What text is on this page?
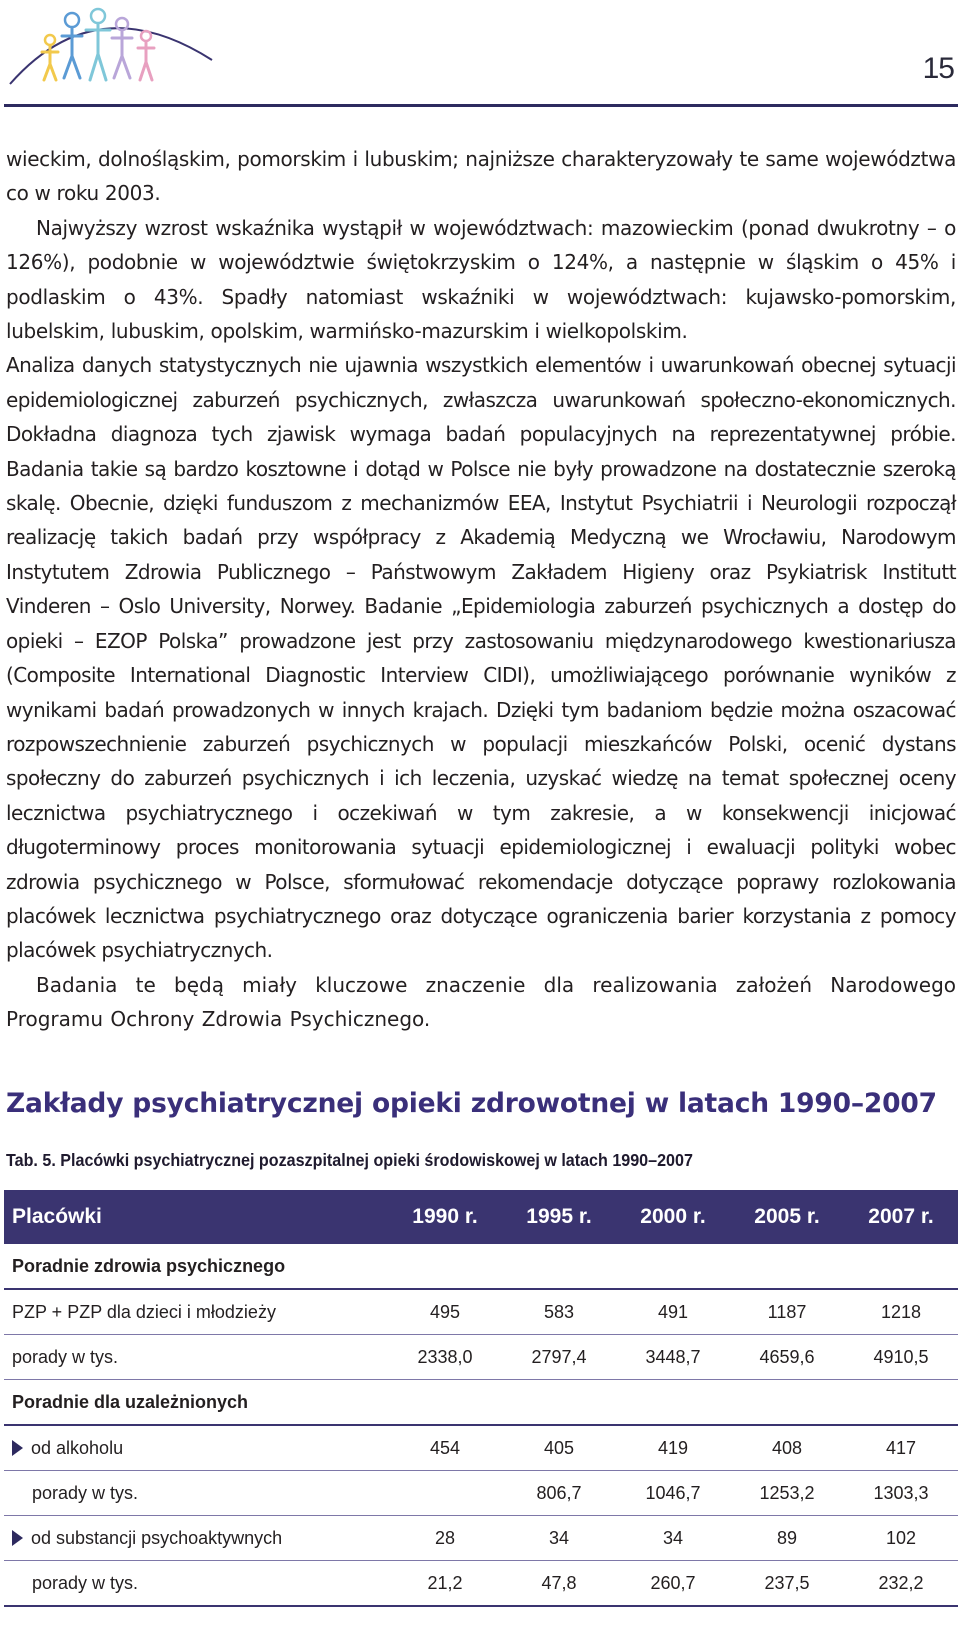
15

wieckim, dolnośląskim, pomorskim i lubuskim; najniższe charakteryzowały te same województwa co w roku 2003.

Najwyższy wzrost wskaźnika wystąpił w województwach: mazowieckim (ponad dwukrotny – o 126%), podobnie w województwie świętokrzyskim o 124%, a następnie w śląskim o 45% i podlaskim o 43%. Spadły natomiast wskaźniki w województwach: kujawsko-pomorskim, lubelskim, lubuskim, opolskim, warmińsko-mazurskim i wielkopolskim.

Analiza danych statystycznych nie ujawnia wszystkich elementów i uwarunkowań obecnej sytuacji epidemiologicznej zaburzeń psychicznych, zwłaszcza uwarunkowań społeczno-ekonomicznych. Dokładna diagnoza tych zjawisk wymaga badań populacyjnych na reprezentatywnej próbie. Badania takie są bardzo kosztowne i dotąd w Polsce nie były prowadzone na dostatecznie szeroką skalę. Obecnie, dzięki funduszom z mechanizmów EEA, Instytut Psychiatrii i Neurologii rozpoczął realizację takich badań przy współpracy z Akademią Medyczną we Wrocławiu, Narodowym Instytutem Zdrowia Publicznego – Państwowym Zakładem Higieny oraz Psykiatrisk Institutt Vinderen – Oslo University, Norwey. Badanie „Epidemiologia zaburzeń psychicznych a dostęp do opieki – EZOP Polska” prowadzone jest przy zastosowaniu międzynarodowego kwestionariusza (Composite International Diagnostic Interview CIDI), umożliwiającego porównanie wyników z wynikami badań prowadzonych w innych krajach. Dzięki tym badaniom będzie można oszacować rozpowszechnienie zaburzeń psychicznych w populacji mieszkańców Polski, ocenić dystans społeczny do zaburzeń psychicznych i ich leczenia, uzyskać wiedzę na temat społecznej oceny lecznictwa psychiatrycznego i oczekiwań w tym zakresie, a w konsekwencji inicjować długoterminowy proces monitorowania sytuacji epidemiologicznej i ewaluacji polityki wobec zdrowia psychicznego w Polsce, sformułować rekomendacje dotyczące poprawy rozlokowania placówek lecznictwa psychiatrycznego oraz dotyczące ograniczenia barier korzystania z pomocy placówek psychiatrycznych.

Badania te będą miały kluczowe znaczenie dla realizowania założeń Narodowego Programu Ochrony Zdrowia Psychicznego.

Zakłady psychiatrycznej opieki zdrowotnej w latach 1990–2007
Tab. 5. Placówki psychiatrycznej pozaszpitalnej opieki środowiskowej w latach 1990–2007
Placówki	1990 r.	1995 r.	2000 r.	2005 r.	2007 r.
Poradnie zdrowia psychicznego					
PZP + PZP dla dzieci i młodzieży	495	583	491	1187	1218
porady w tys.	2338,0	2797,4	3448,7	4659,6	4910,5
Poradnie dla uzależnionych					
od alkoholu	454	405	419	408	417
porady w tys.		806,7	1046,7	1253,2	1303,3
od substancji psychoaktywnych	28	34	34	89	102
porady w tys.	21,2	47,8	260,7	237,5	232,2
